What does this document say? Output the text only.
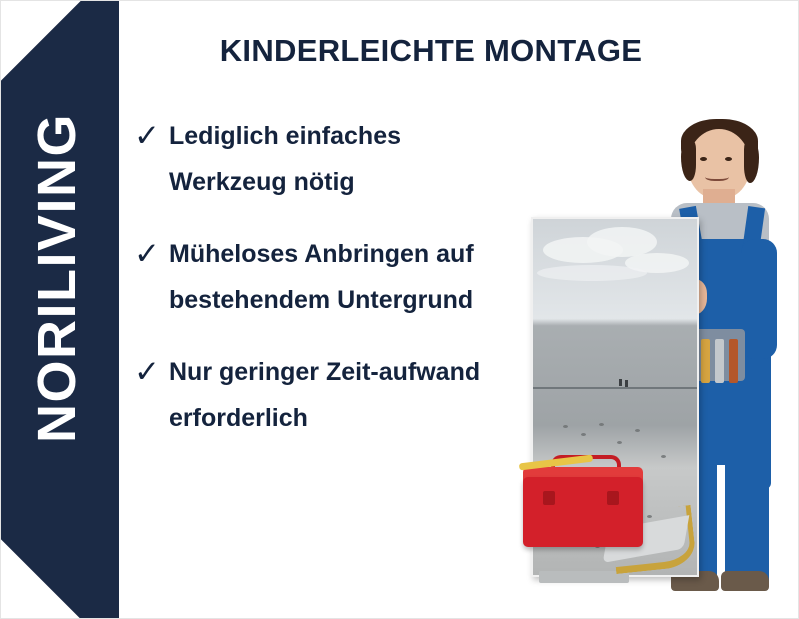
NORILIVING
KINDERLEICHTE MONTAGE
✓ Lediglich einfaches Werkzeug nötig
✓ Müheloses Anbringen auf bestehendem Untergrund
✓ Nur geringer Zeit-aufwand erforderlich
